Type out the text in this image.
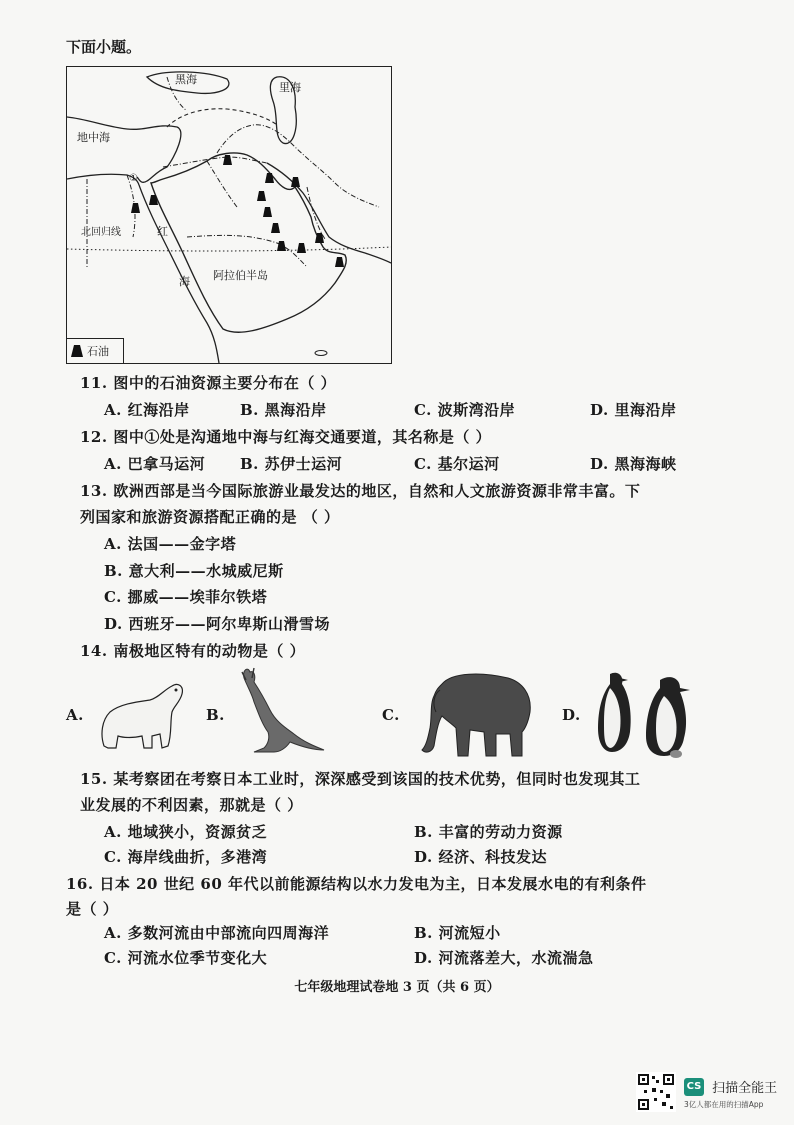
下面小题。
黑海
里海
地中海
北回归线
①
红
海 阿拉伯半岛
石油
11. 图中的石油资源主要分布在（ ）
A. 红海沿岸	B. 黑海沿岸	C. 波斯湾沿岸	D. 里海沿岸
12. 图中①处是沟通地中海与红海交通要道，其名称是（ ）
A. 巴拿马运河 B. 苏伊士运河	C. 基尔运河	D. 黑海海峡
13. 欧洲西部是当今国际旅游业最发达的地区，自然和人文旅游资源非常丰富。下
列国家和旅游资源搭配正确的是 （ ）
A. 法国——金字塔
B. 意大利——水城威尼斯
C. 挪威——埃菲尔铁塔
D. 西班牙——阿尔卑斯山滑雪场
14. 南极地区特有的动物是（ ）
A.	B.	C.	D.
15. 某考察团在考察日本工业时，深深感受到该国的技术优势，但同时也发现其工
业发展的不利因素，那就是（ ）
A. 地域狭小，资源贫乏	B. 丰富的劳动力资源
C. 海岸线曲折，多港湾	D. 经济、科技发达
16. 日本 20 世纪 60 年代以前能源结构以水力发电为主，日本发展水电的有利条件
是（ ）
A. 多数河流由中部流向四周海洋	B. 河流短小
C. 河流水位季节变化大	D. 河流落差大，水流湍急
七年级地理试卷地 3 页（共 6 页）
CS 扫描全能王
3亿人都在用的扫描App
